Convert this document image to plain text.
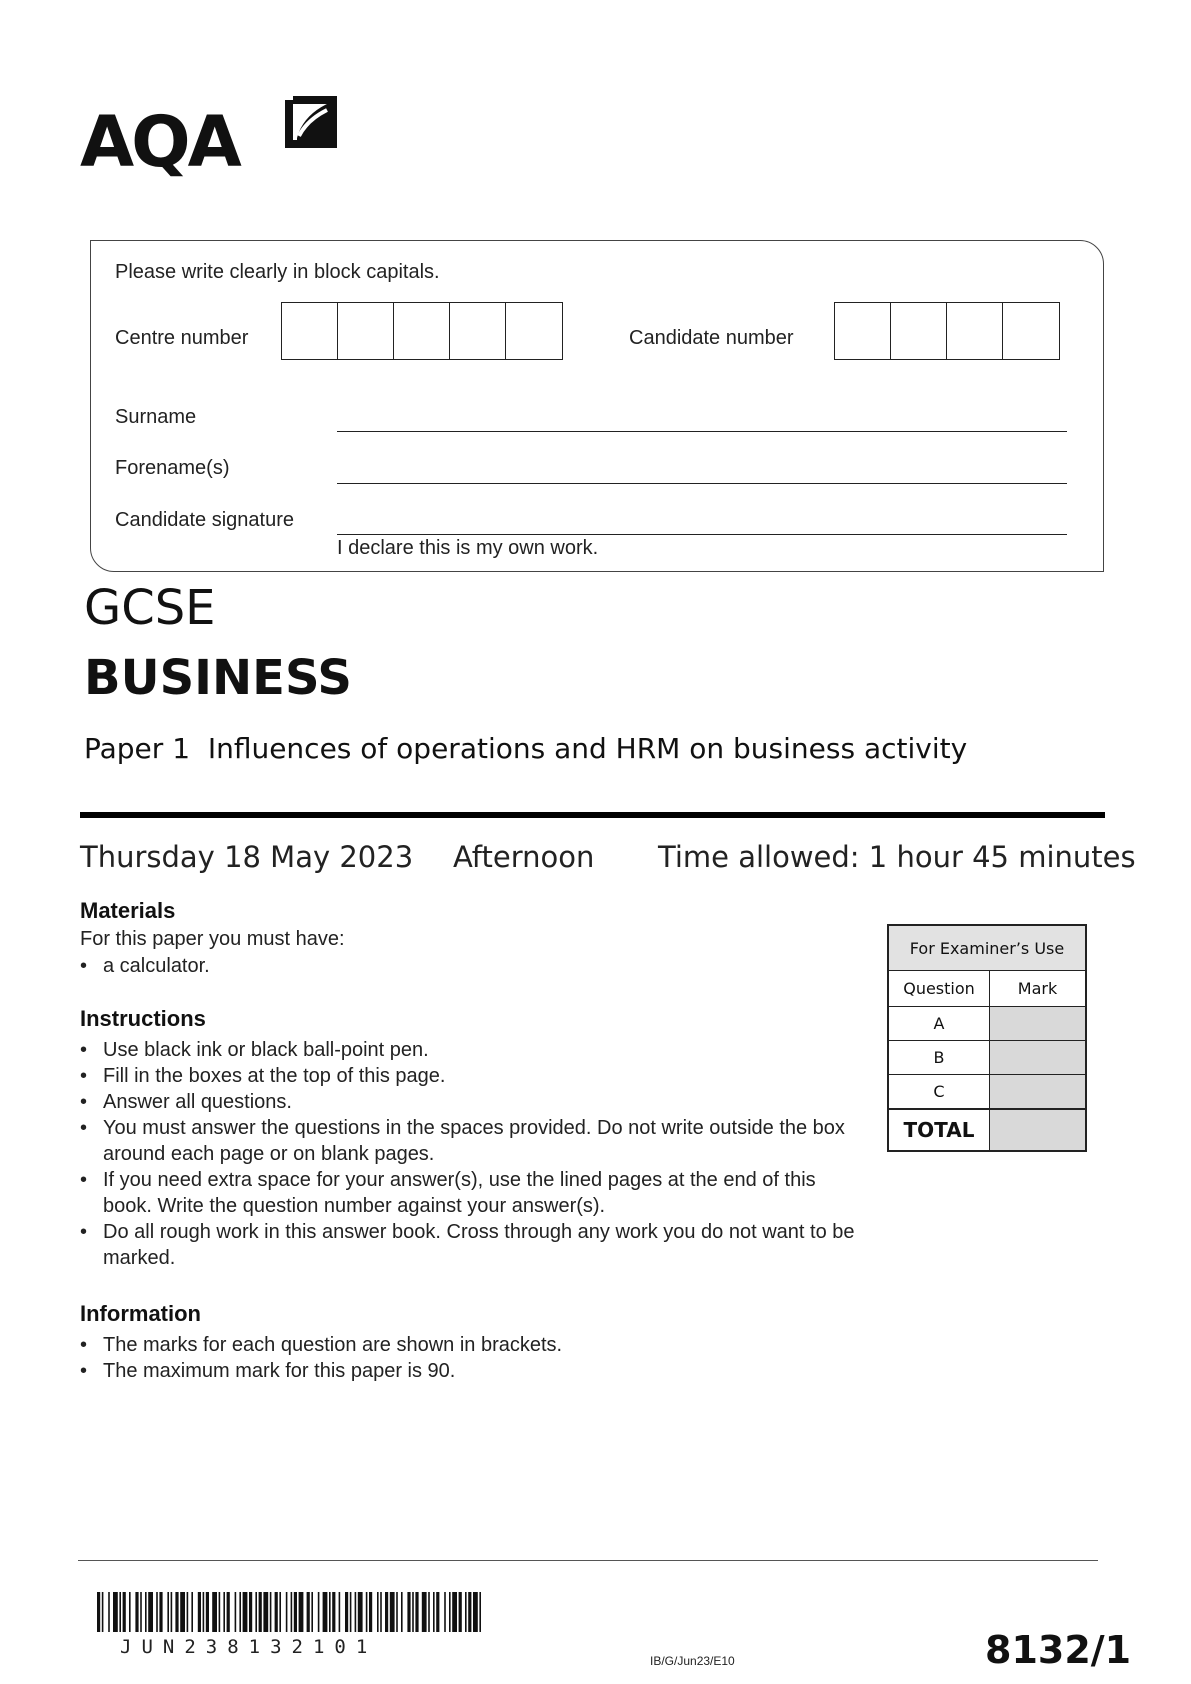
AQA
Please write clearly in block capitals.
Centre number	Candidate number
Surname
Forename(s)
Candidate signature
I declare this is my own work.
GCSE
BUSINESS
Paper 1  Influences of operations and HRM on business activity
Thursday 18 May 2023 Afternoon Time allowed: 1 hour 45 minutes
Materials
For this paper you must have:
• a calculator.
Instructions
• Use black ink or black ball-point pen.
• Fill in the boxes at the top of this page.
• Answer all questions.
• You must answer the questions in the spaces provided. Do not write outside the box around each page or on blank pages.
• If you need extra space for your answer(s), use the lined pages at the end of this book. Write the question number against your answer(s).
• Do all rough work in this answer book. Cross through any work you do not want to be marked.
Information
• The marks for each question are shown in brackets.
• The maximum mark for this paper is 90.
For Examiner’s Use	
Question	Mark
A	
B	
C	
TOTAL	
JUN238132101
IB/G/Jun23/E10	8132/1
